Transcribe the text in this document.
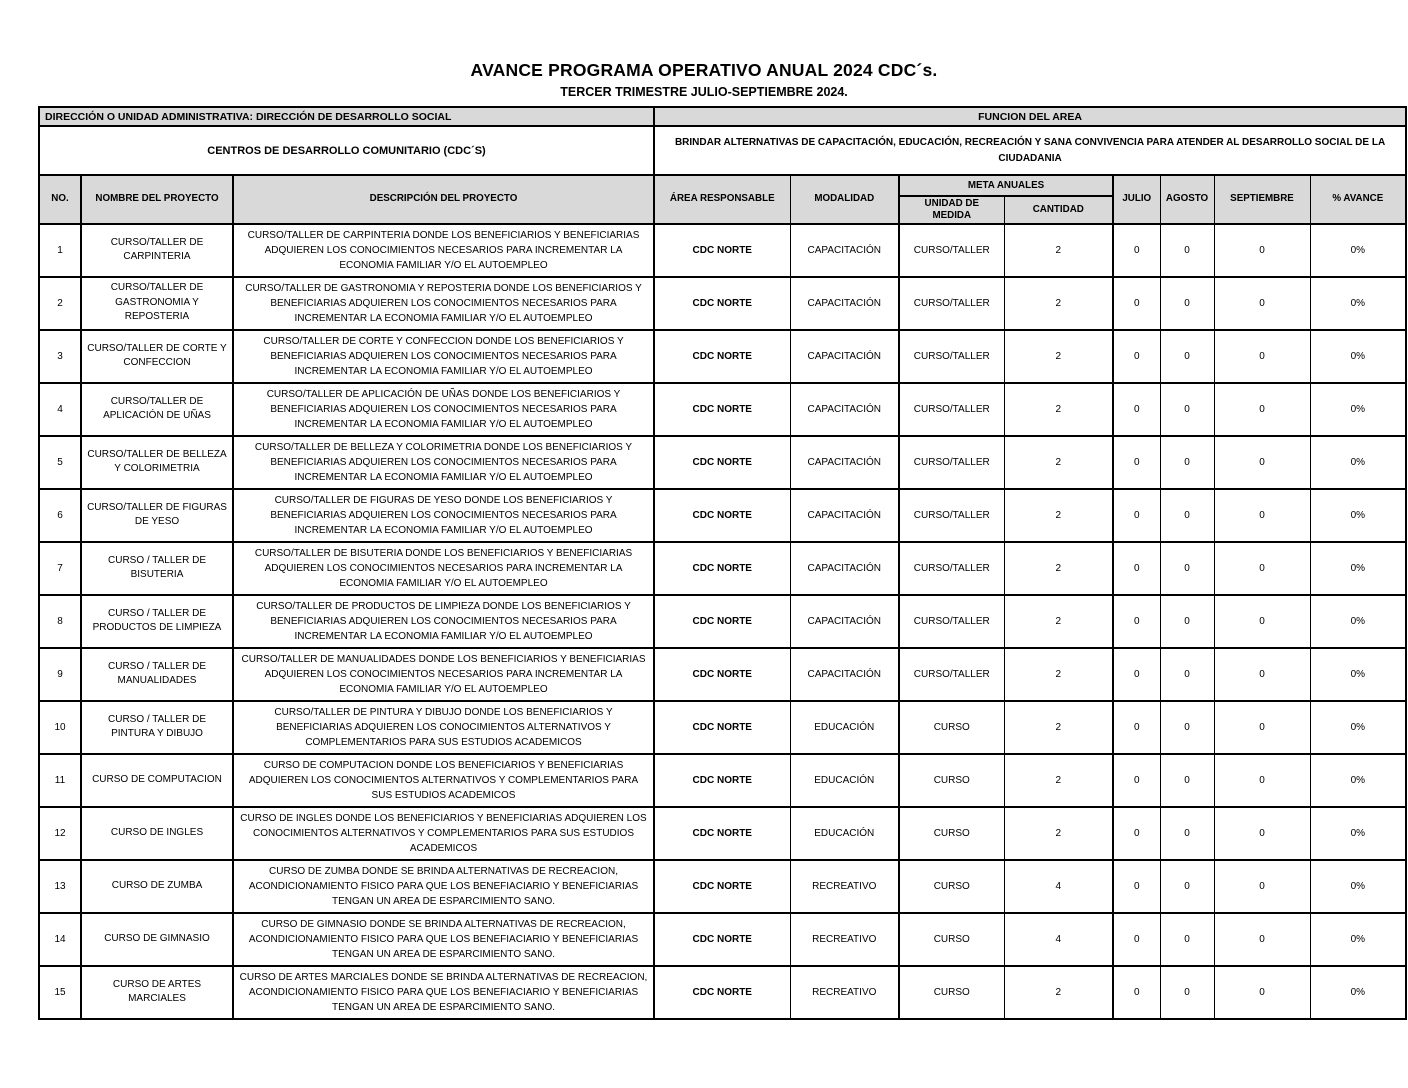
AVANCE PROGRAMA OPERATIVO ANUAL 2024 CDC´s.
TERCER TRIMESTRE JULIO-SEPTIEMBRE 2024.
DIRECCIÓN O UNIDAD ADMINISTRATIVA: DIRECCIÓN DE DESARROLLO SOCIAL			FUNCION DEL AREA							
CENTROS DE DESARROLLO COMUNITARIO (CDC´S)			BRINDAR ALTERNATIVAS DE CAPACITACIÓN, EDUCACIÓN, RECREACIÓN Y SANA CONVIVENCIA PARA ATENDER AL DESARROLLO SOCIAL DE LA CIUDADANIA							
NO.	NOMBRE DEL PROYECTO	DESCRIPCIÓN DEL PROYECTO	ÁREA RESPONSABLE	MODALIDAD	META ANUALES		JULIO	AGOSTO	SEPTIEMBRE	% AVANCE
					UNIDAD DE MEDIDA	CANTIDAD				
1	CURSO/TALLER DE CARPINTERIA	CURSO/TALLER DE CARPINTERIA DONDE LOS BENEFICIARIOS Y BENEFICIARIAS ADQUIEREN LOS CONOCIMIENTOS NECESARIOS PARA INCREMENTAR LA ECONOMIA FAMILIAR Y/O EL AUTOEMPLEO	CDC NORTE	CAPACITACIÓN	CURSO/TALLER	2	0	0	0	0%
2	CURSO/TALLER DE GASTRONOMIA Y REPOSTERIA	CURSO/TALLER DE GASTRONOMIA Y REPOSTERIA DONDE LOS BENEFICIARIOS Y BENEFICIARIAS ADQUIEREN LOS CONOCIMIENTOS NECESARIOS PARA INCREMENTAR LA ECONOMIA FAMILIAR Y/O EL AUTOEMPLEO	CDC NORTE	CAPACITACIÓN	CURSO/TALLER	2	0	0	0	0%
3	CURSO/TALLER DE CORTE Y CONFECCION	CURSO/TALLER DE CORTE Y CONFECCION DONDE LOS BENEFICIARIOS Y BENEFICIARIAS ADQUIEREN LOS CONOCIMIENTOS NECESARIOS PARA INCREMENTAR LA ECONOMIA FAMILIAR Y/O EL AUTOEMPLEO	CDC NORTE	CAPACITACIÓN	CURSO/TALLER	2	0	0	0	0%
4	CURSO/TALLER DE APLICACIÓN DE UÑAS	CURSO/TALLER DE APLICACIÓN DE UÑAS DONDE LOS BENEFICIARIOS Y BENEFICIARIAS ADQUIEREN LOS CONOCIMIENTOS NECESARIOS PARA INCREMENTAR LA ECONOMIA FAMILIAR Y/O EL AUTOEMPLEO	CDC NORTE	CAPACITACIÓN	CURSO/TALLER	2	0	0	0	0%
5	CURSO/TALLER DE BELLEZA Y COLORIMETRIA	CURSO/TALLER DE BELLEZA Y COLORIMETRIA DONDE LOS BENEFICIARIOS Y BENEFICIARIAS ADQUIEREN LOS CONOCIMIENTOS NECESARIOS PARA INCREMENTAR LA ECONOMIA FAMILIAR Y/O EL AUTOEMPLEO	CDC NORTE	CAPACITACIÓN	CURSO/TALLER	2	0	0	0	0%
6	CURSO/TALLER DE FIGURAS DE YESO	CURSO/TALLER DE FIGURAS DE YESO DONDE LOS BENEFICIARIOS Y BENEFICIARIAS ADQUIEREN LOS CONOCIMIENTOS NECESARIOS PARA INCREMENTAR LA ECONOMIA FAMILIAR Y/O EL AUTOEMPLEO	CDC NORTE	CAPACITACIÓN	CURSO/TALLER	2	0	0	0	0%
7	CURSO / TALLER DE BISUTERIA	CURSO/TALLER DE BISUTERIA DONDE LOS BENEFICIARIOS Y BENEFICIARIAS ADQUIEREN LOS CONOCIMIENTOS NECESARIOS PARA INCREMENTAR LA ECONOMIA FAMILIAR Y/O EL AUTOEMPLEO	CDC NORTE	CAPACITACIÓN	CURSO/TALLER	2	0	0	0	0%
8	CURSO / TALLER DE PRODUCTOS DE LIMPIEZA	CURSO/TALLER DE PRODUCTOS DE LIMPIEZA DONDE LOS BENEFICIARIOS Y BENEFICIARIAS ADQUIEREN LOS CONOCIMIENTOS NECESARIOS PARA INCREMENTAR LA ECONOMIA FAMILIAR Y/O EL AUTOEMPLEO	CDC NORTE	CAPACITACIÓN	CURSO/TALLER	2	0	0	0	0%
9	CURSO / TALLER DE MANUALIDADES	CURSO/TALLER DE MANUALIDADES DONDE LOS BENEFICIARIOS Y BENEFICIARIAS ADQUIEREN LOS CONOCIMIENTOS NECESARIOS PARA INCREMENTAR LA ECONOMIA FAMILIAR Y/O EL AUTOEMPLEO	CDC NORTE	CAPACITACIÓN	CURSO/TALLER	2	0	0	0	0%
10	CURSO / TALLER DE PINTURA Y DIBUJO	CURSO/TALLER DE PINTURA Y DIBUJO DONDE LOS BENEFICIARIOS Y BENEFICIARIAS ADQUIEREN LOS CONOCIMIENTOS ALTERNATIVOS Y COMPLEMENTARIOS PARA SUS ESTUDIOS ACADEMICOS	CDC NORTE	EDUCACIÓN	CURSO	2	0	0	0	0%
11	CURSO DE COMPUTACION	CURSO DE COMPUTACION DONDE LOS BENEFICIARIOS Y BENEFICIARIAS ADQUIEREN LOS CONOCIMIENTOS ALTERNATIVOS Y COMPLEMENTARIOS PARA SUS ESTUDIOS ACADEMICOS	CDC NORTE	EDUCACIÓN	CURSO	2	0	0	0	0%
12	CURSO DE INGLES	CURSO DE INGLES DONDE LOS BENEFICIARIOS Y BENEFICIARIAS ADQUIEREN LOS CONOCIMIENTOS ALTERNATIVOS Y COMPLEMENTARIOS PARA SUS ESTUDIOS ACADEMICOS	CDC NORTE	EDUCACIÓN	CURSO	2	0	0	0	0%
13	CURSO DE ZUMBA	CURSO DE ZUMBA DONDE SE BRINDA ALTERNATIVAS DE RECREACION, ACONDICIONAMIENTO FISICO PARA QUE LOS BENEFIACIARIO Y BENEFICIARIAS TENGAN UN AREA DE ESPARCIMIENTO SANO.	CDC NORTE	RECREATIVO	CURSO	4	0	0	0	0%
14	CURSO DE GIMNASIO	CURSO DE GIMNASIO DONDE SE BRINDA ALTERNATIVAS DE RECREACION, ACONDICIONAMIENTO FISICO PARA QUE LOS BENEFIACIARIO Y BENEFICIARIAS TENGAN UN AREA DE ESPARCIMIENTO SANO.	CDC NORTE	RECREATIVO	CURSO	4	0	0	0	0%
15	CURSO DE ARTES MARCIALES	CURSO DE ARTES MARCIALES DONDE SE BRINDA ALTERNATIVAS DE RECREACION, ACONDICIONAMIENTO FISICO PARA QUE LOS BENEFIACIARIO Y BENEFICIARIAS TENGAN UN AREA DE ESPARCIMIENTO SANO.	CDC NORTE	RECREATIVO	CURSO	2	0	0	0	0%
